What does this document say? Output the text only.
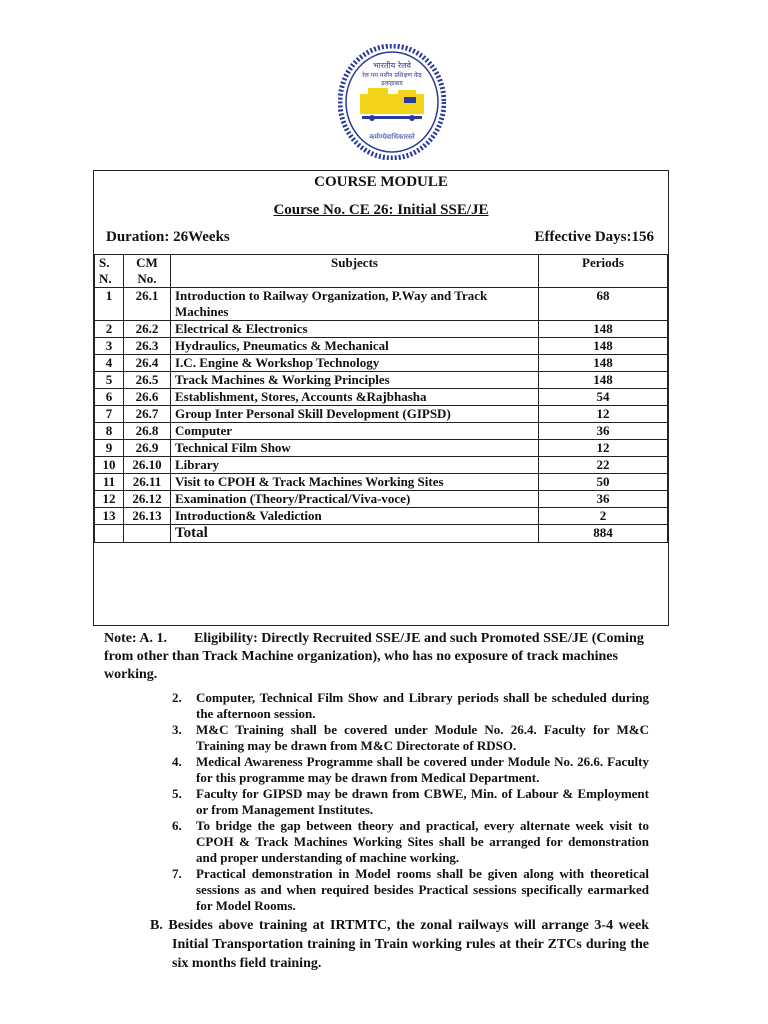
भारतीय रेलवे
रेल पथ मशीन प्रशिक्षण केंद्र
इलाहाबाद
कर्मण्येवाधिकारस्ते
COURSE MODULE
Course No. CE 26: Initial SSE/JE
Duration: 26Weeks	Effective Days:156
S. N.	CM No.	Subjects	Periods
1	26.1	Introduction to Railway Organization, P.Way and Track Machines	68
2	26.2	Electrical & Electronics	148
3	26.3	Hydraulics, Pneumatics & Mechanical	148
4	26.4	I.C. Engine & Workshop Technology	148
5	26.5	Track Machines & Working Principles	148
6	26.6	Establishment, Stores, Accounts &Rajbhasha	54
7	26.7	Group Inter Personal Skill Development (GIPSD)	12
8	26.8	Computer	36
9	26.9	Technical Film Show	12
10	26.10	Library	22
11	26.11	Visit to CPOH & Track Machines Working Sites	50
12	26.12	Examination (Theory/Practical/Viva-voce)	36
13	26.13	Introduction& Valediction	2
		Total	884

Note: A. 1. Eligibility: Directly Recruited SSE/JE and such Promoted SSE/JE (Coming from other than Track Machine organization), who has no exposure of track machines working.

2. Computer, Technical Film Show and Library periods shall be scheduled during the afternoon session.
3. M&C Training shall be covered under Module No. 26.4. Faculty for M&C Training may be drawn from M&C Directorate of RDSO.
4. Medical Awareness Programme shall be covered under Module No. 26.6. Faculty for this programme may be drawn from Medical Department.
5. Faculty for GIPSD may be drawn from CBWE, Min. of Labour & Employment or from Management Institutes.
6. To bridge the gap between theory and practical, every alternate week visit to CPOH & Track Machines Working Sites shall be arranged for demonstration and proper understanding of machine working.
7. Practical demonstration in Model rooms shall be given along with theoretical sessions as and when required besides Practical sessions specifically earmarked for Model Rooms.

B. Besides above training at IRTMTC, the zonal railways will arrange 3-4 week Initial Transportation training in Train working rules at their ZTCs during the six months field training.
